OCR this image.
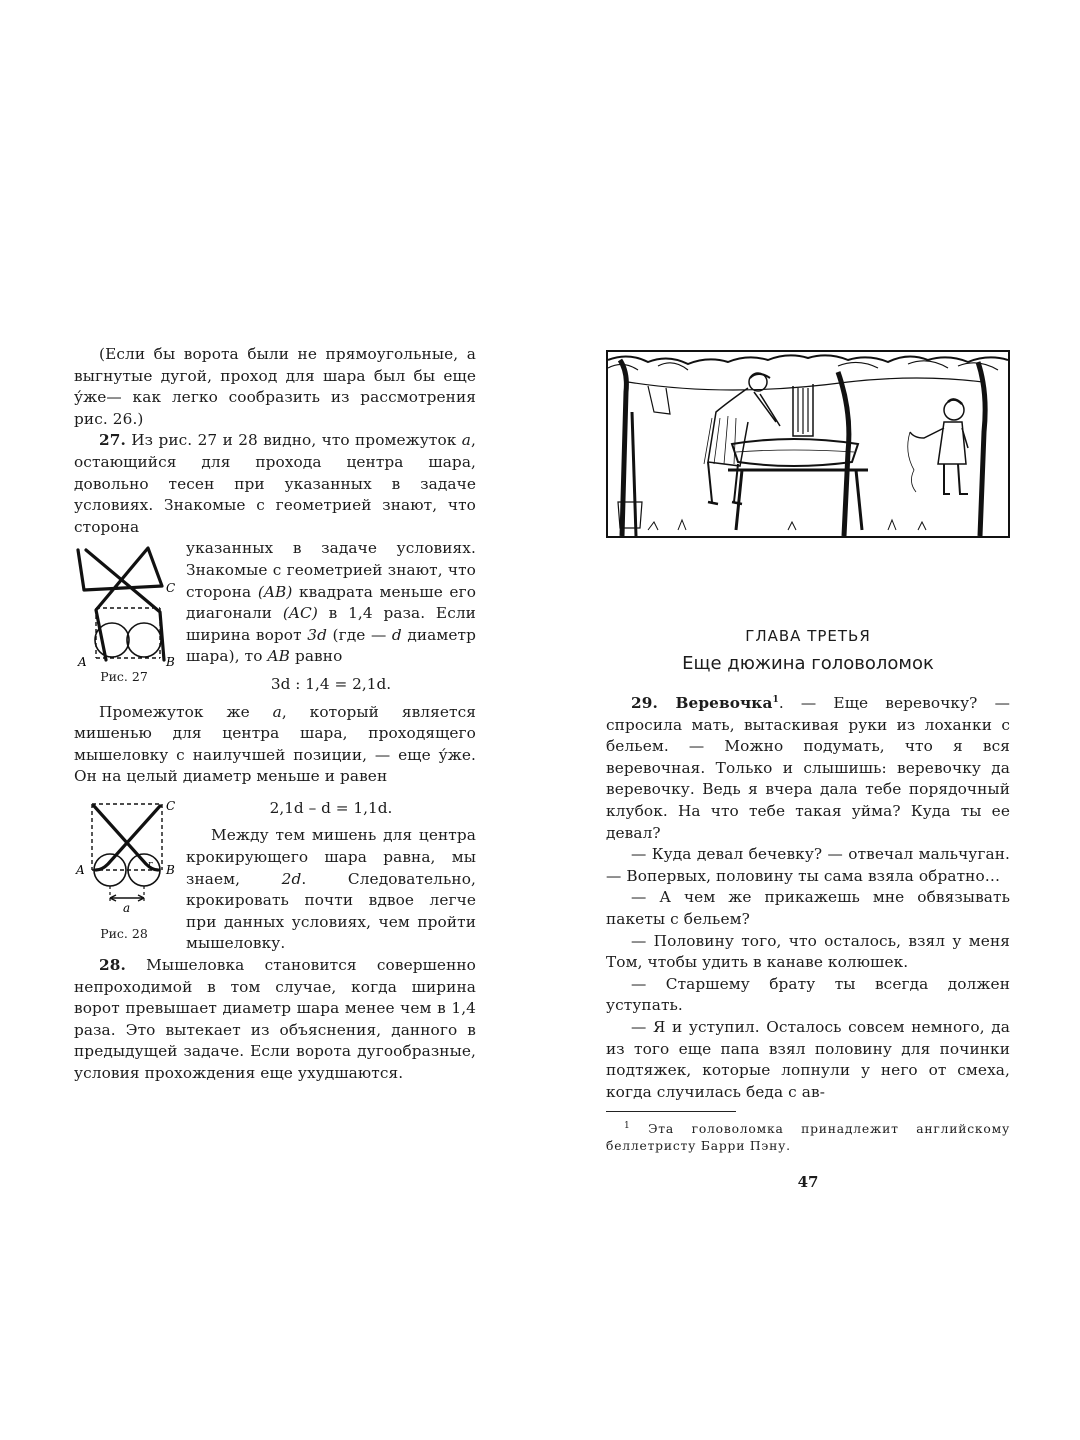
(Если бы ворота были не прямоугольные, а выгнутые дугой, проход для шара был бы еще у́же— как легко сообразить из рассмотрения рис. 26.)

27. Из рис. 27 и 28 видно, что промежуток a, остающийся для прохода центра шара, довольно тесен при указанных в задаче условиях. Знакомые с геометрией знают, что сторона

A	B
C
Рис. 27

указанных в задаче условиях. Знакомые с геометрией знают, что сторона (AB) квадрата меньше его диагонали (AC) в 1,4 раза. Если ширина ворот 3d (где — d диаметр шара), то AB равно

3d : 1,4 = 2,1d.

Промежуток же a, который является мишенью для центра шара, проходящего мышеловку с наилучшей позиции, — еще у́же. Он на целый диаметр меньше и равен

A	B
C
a
r
Рис. 28

2,1d – d = 1,1d.

Между тем мишень для центра крокирующего шара равна, мы знаем, 2d. Следовательно, крокировать почти вдвое легче при данных условиях, чем пройти мышеловку.

28. Мышеловка становится совершенно непроходимой в том случае, когда ширина ворот превышает диаметр шара менее чем в 1,4 раза. Это вытекает из объяснения, данного в предыдущей задаче. Если ворота дугообразные, условия прохождения еще ухудшаются.

ГЛАВА ТРЕТЬЯ
Еще дюжина головоломок

29. Веревочка$^1$. — Еще веревочку? — спросила мать, вытаскивая руки из лоханки с бельем. — Можно подумать, что я вся веревочная. Только и слышишь: веревочку да веревочку. Ведь я вчера дала тебе порядочный клубок. На что тебе такая уйма? Куда ты ее девал?

— Куда девал бечевку? — отвечал мальчуган. — Вопервых, половину ты сама взяла обратно…

— А чем же прикажешь мне обвязывать пакеты с бельем?

— Половину того, что осталось, взял у меня Том, чтобы удить в канаве колюшек.

— Старшему брату ты всегда должен уступать.

— Я и уступил. Осталось совсем немного, да из того еще папа взял половину для починки подтяжек, которые лопнули у него от смеха, когда случилась беда с ав-

$^1$ Эта головоломка принадлежит английскому беллетристу Барри Пэну.

47
